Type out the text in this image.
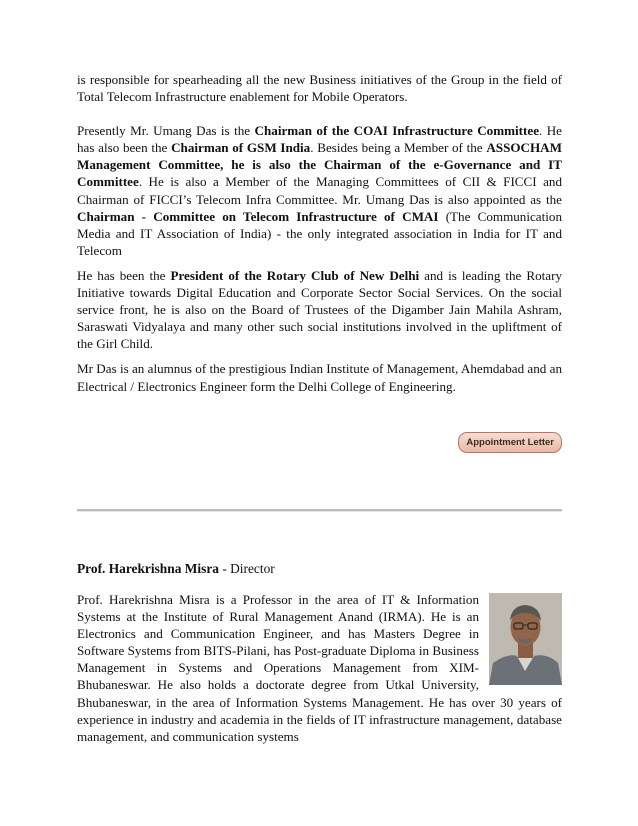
is responsible for spearheading all the new Business initiatives of the Group in the field of Total Telecom Infrastructure enablement for Mobile Operators.

Presently Mr. Umang Das is the Chairman of the COAI Infrastructure Committee. He has also been the Chairman of GSM India. Besides being a Member of the ASSOCHAM Management Committee, he is also the Chairman of the e-Governance and IT Committee. He is also a Member of the Managing Committees of CII & FICCI and Chairman of FICCI’s Telecom Infra Committee. Mr. Umang Das is also appointed as the Chairman - Committee on Telecom Infrastructure of CMAI (The Communication Media and IT Association of India) - the only integrated association in India for IT and Telecom

He has been the President of the Rotary Club of New Delhi and is leading the Rotary Initiative towards Digital Education and Corporate Sector Social Services. On the social service front, he is also on the Board of Trustees of the Digamber Jain Mahila Ashram, Saraswati Vidyalaya and many other such social institutions involved in the upliftment of the Girl Child.

Mr Das is an alumnus of the prestigious Indian Institute of Management, Ahemdabad and an Electrical / Electronics Engineer form the Delhi College of Engineering.

Appointment Letter

Prof. Harekrishna Misra - Director

Prof. Harekrishna Misra is a Professor in the area of IT & Information Systems at the Institute of Rural Management Anand (IRMA). He is an Electronics and Communication Engineer, and has Masters Degree in Software Systems from BITS-Pilani, has Post-graduate Diploma in Business Management in Systems and Operations Management from XIM-Bhubaneswar. He also holds a doctorate degree from Utkal University, Bhubaneswar, in the area of Information Systems Management. He has over 30 years of experience in industry and academia in the fields of IT infrastructure management, database management, and communication systems
